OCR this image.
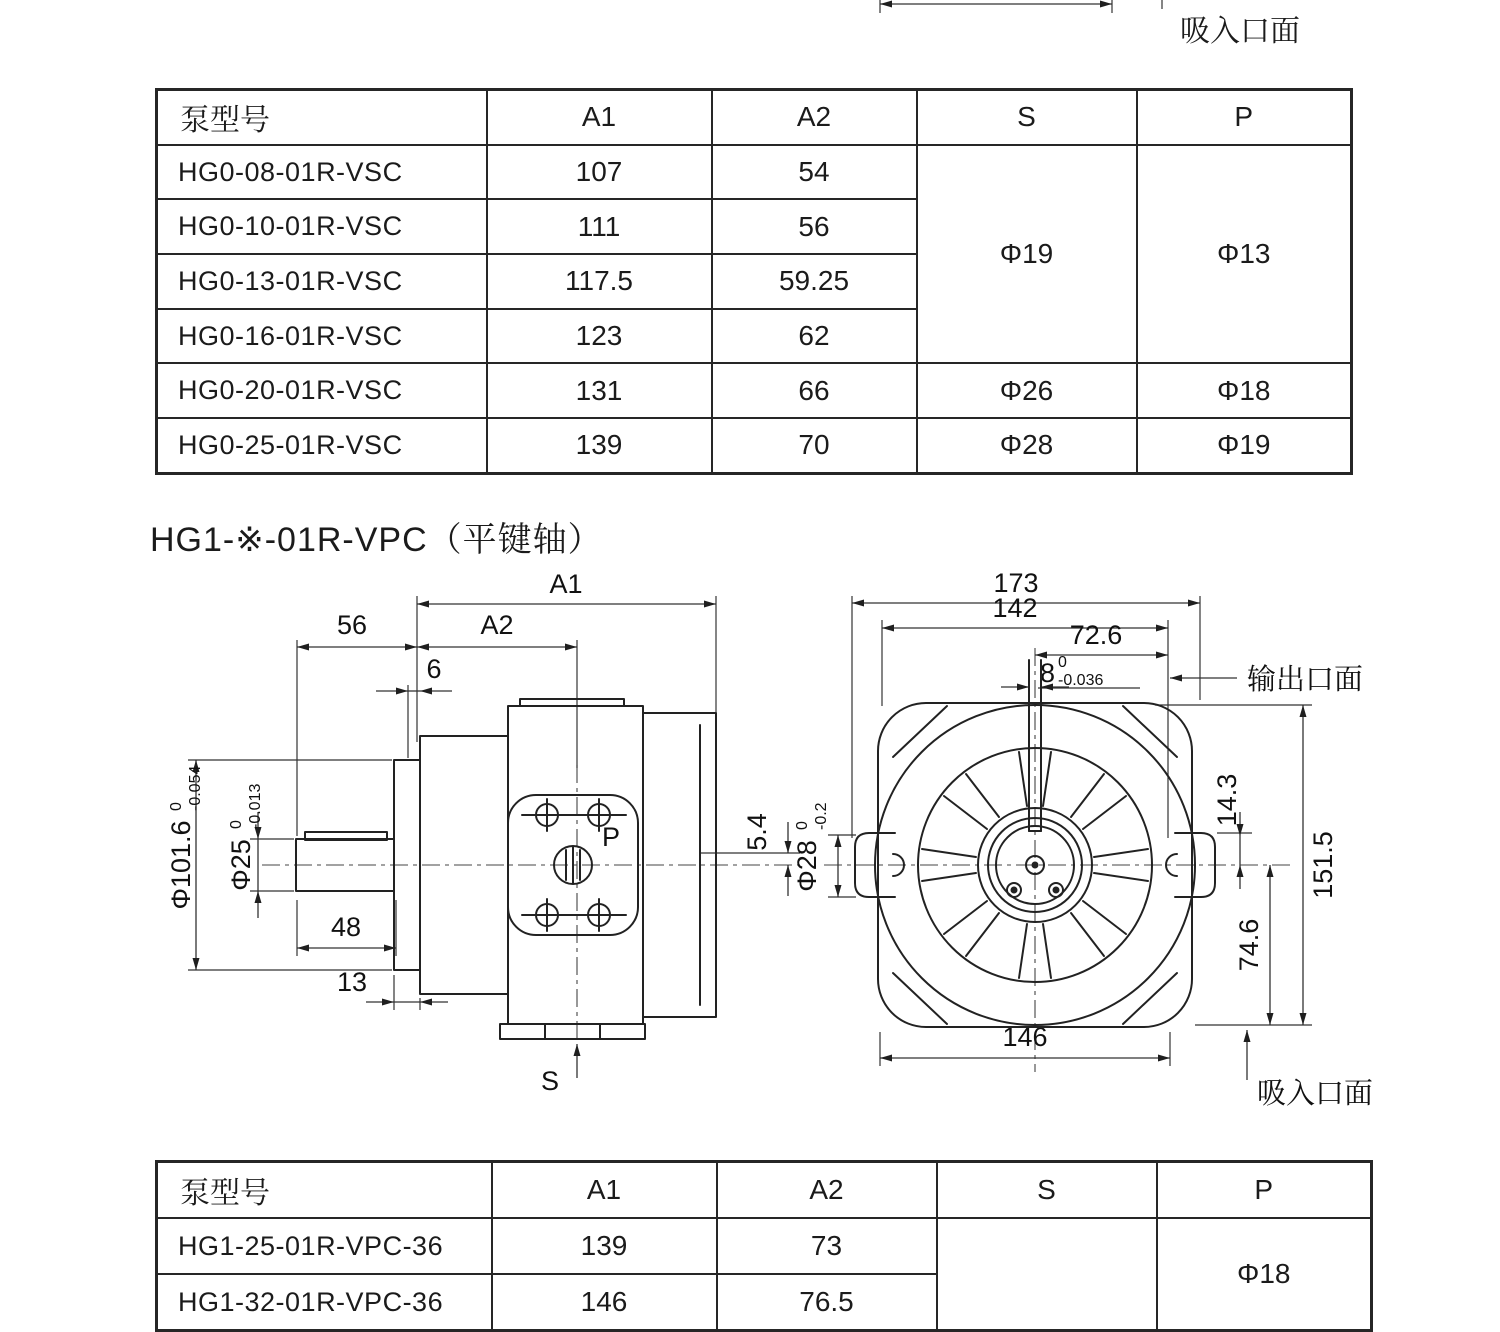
吸入口面
泵型号	A1	A2	S	P
HG0-08-01R-VSC	107	54	Φ19	Φ13
HG0-10-01R-VSC	111	56		
HG0-13-01R-VSC	117.5	59.25		
HG0-16-01R-VSC	123	62		
HG0-20-01R-VSC	131	66	Φ26	Φ18
HG0-25-01R-VSC	139	70	Φ28	Φ19
HG1-※-01R-VPC（平键轴）
A1
56	A2
6
Φ101.6
0 -0.054
Φ25
0 -0.013
48
13
5.4
S
P
173
142
72.6
8 0
-0.036
Φ28
0 -0.2	14.3
151.5
74.6
146
输出口面
吸入口面
泵型号	A1	A2	S	P
HG1-25-01R-VPC-36	139	73		Φ18
HG1-32-01R-VPC-36	146	76.5		
